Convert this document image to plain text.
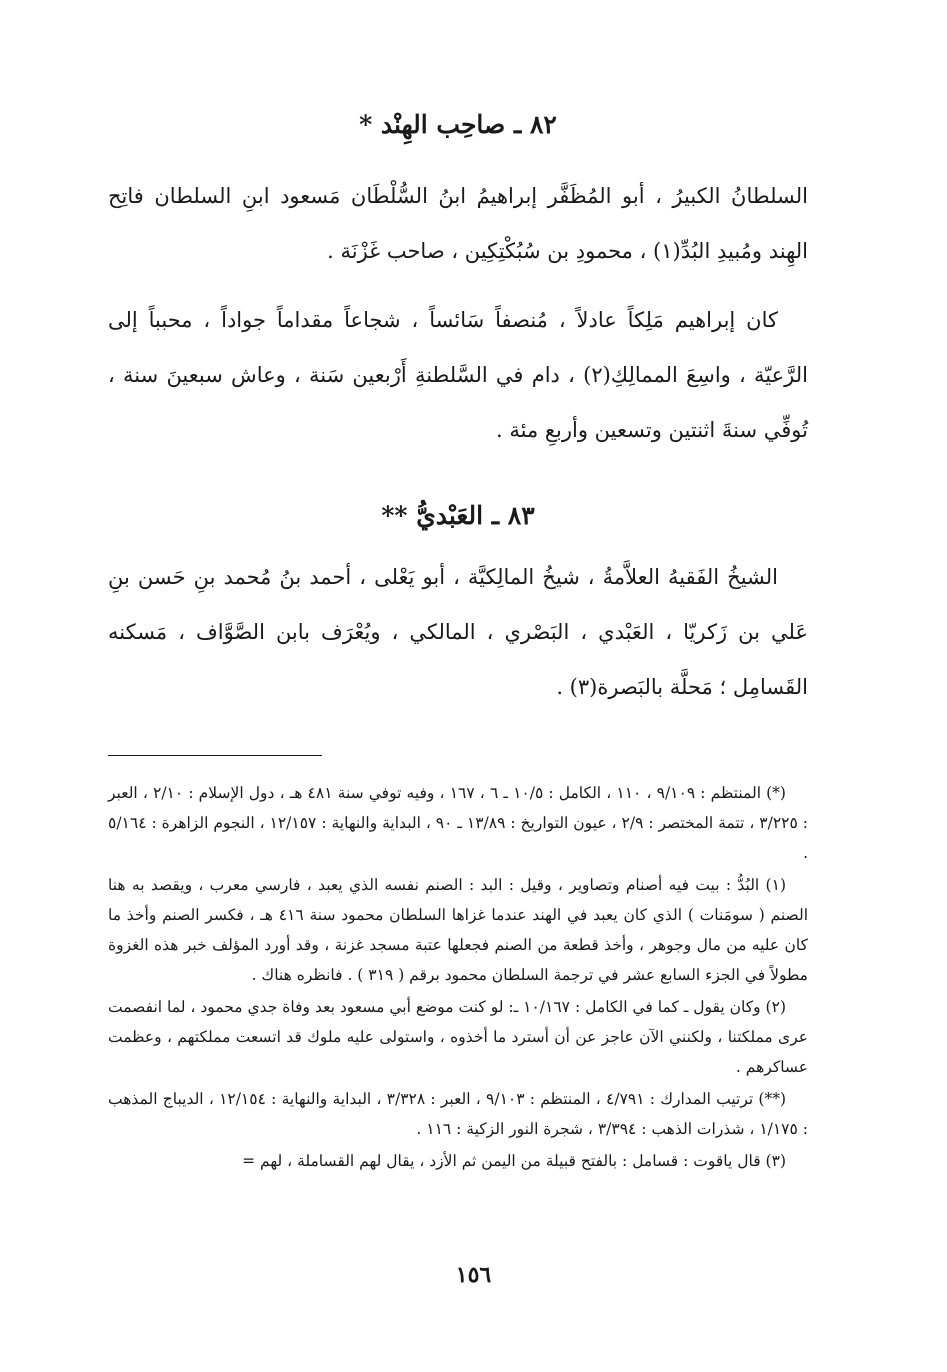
٨٢ ـ صاحِب الهِنْد *

السلطانُ الكبيرُ ، أبو المُظَفَّر إبراهيمُ ابنُ السُّلْطَان مَسعود ابنِ السلطان فاتِح الهِند ومُبيدِ البُدِّ(١) ، محمودِ بن سُبُكْتِكِين ، صاحب غَزْنَة .

كان إبراهيم مَلِكاً عادلاً ، مُنصفاً سَائساً ، شجاعاً مقداماً جواداً ، محبباً إلى الرَّعيّة ، واسِعَ الممالِكِ(٢) ، دام في السَّلطنةِ أَرْبعين سَنة ، وعاش سبعينَ سنة ، تُوفِّي سنةَ اثنتين وتسعين وأربعِ مئة .

٨٣ ـ العَبْديُّ **

الشيخُ الفَقيهُ العلاَّمةُ ، شيخُ المالِكيَّة ، أبو يَعْلى ، أحمد بنُ مُحمد بنِ حَسن بنِ عَلي بن زَكريّا ، العَبْدي ، البَصْري ، المالكي ، ويُعْرَف بابن الصَّوَّاف ، مَسكنه القَسامِل ؛ مَحلَّة بالبَصرة(٣) .

(*) المنتظم : ٩/١٠٩ ، ١١٠ ، الكامل : ١٠/٥ ـ ٦ ، ١٦٧ ، وفيه توفي سنة ٤٨١ هـ ، دول الإسلام : ٢/١٠ ، العبر : ٣/٢٢٥ ، تتمة المختصر : ٢/٩ ، عيون التواريخ : ١٣/٨٩ ـ ٩٠ ، البداية والنهاية : ١٢/١٥٧ ، النجوم الزاهرة : ٥/١٦٤ .

(١) البُدُّ : بيت فيه أصنام وتصاوير ، وقيل : البد : الصنم نفسه الذي يعبد ، فارسي معرب ، ويقصد به هنا الصنم ( سومَنات ) الذي كان يعبد في الهند عندما غزاها السلطان محمود سنة ٤١٦ هـ ، فكسر الصنم وأخذ ما كان عليه من مال وجوهر ، وأخذ قطعة من الصنم فجعلها عتبة مسجد غزنة ، وقد أورد المؤلف خبر هذه الغزوة مطولاً في الجزء السابع عشر في ترجمة السلطان محمود برقم ( ٣١٩ ) . فانظره هناك .

(٢) وكان يقول ـ كما في الكامل : ١٠/١٦٧ ـ: لو كنت موضع أبي مسعود بعد وفاة جدي محمود ، لما انفصمت عرى مملكتنا ، ولكنني الآن عاجز عن أن أسترد ما أخذوه ، واستولى عليه ملوك قد اتسعت مملكتهم ، وعظمت عساكرهم .

(**) ترتيب المدارك : ٤/٧٩١ ، المنتظم : ٩/١٠٣ ، العبر : ٣/٣٢٨ ، البداية والنهاية : ١٢/١٥٤ ، الديباج المذهب : ١/١٧٥ ، شذرات الذهب : ٣/٣٩٤ ، شجرة النور الزكية : ١١٦ .

(٣) قال ياقوت : قسامل : بالفتح قبيلة من اليمن ثم الأزد ، يقال لهم القساملة ، لهم =

١٥٦
